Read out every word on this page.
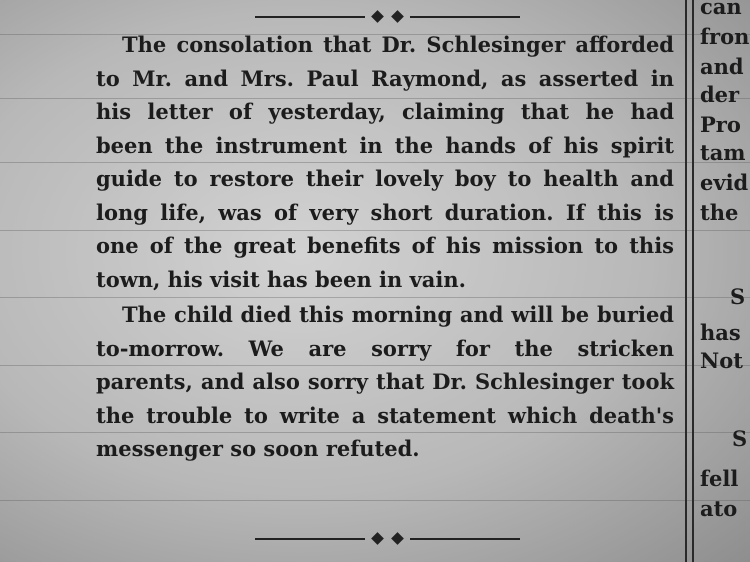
The consolation that Dr. Schlesinger afforded to Mr. and Mrs. Paul Raymond, as asserted in his letter of yesterday, claiming that he had been the instrument in the hands of his spirit guide to restore their lovely boy to health and long life, was of very short duration. If this is one of the great benefits of his mission to this town, his visit has been in vain.

The child died this morning and will be buried to-morrow. We are sorry for the stricken parents, and also sorry that Dr. Schlesinger took the trouble to write a statement which death's messenger so soon refuted.

can
fron
and
der
Pro
tam
evid
the
S
has
Not
S
fell
ato
